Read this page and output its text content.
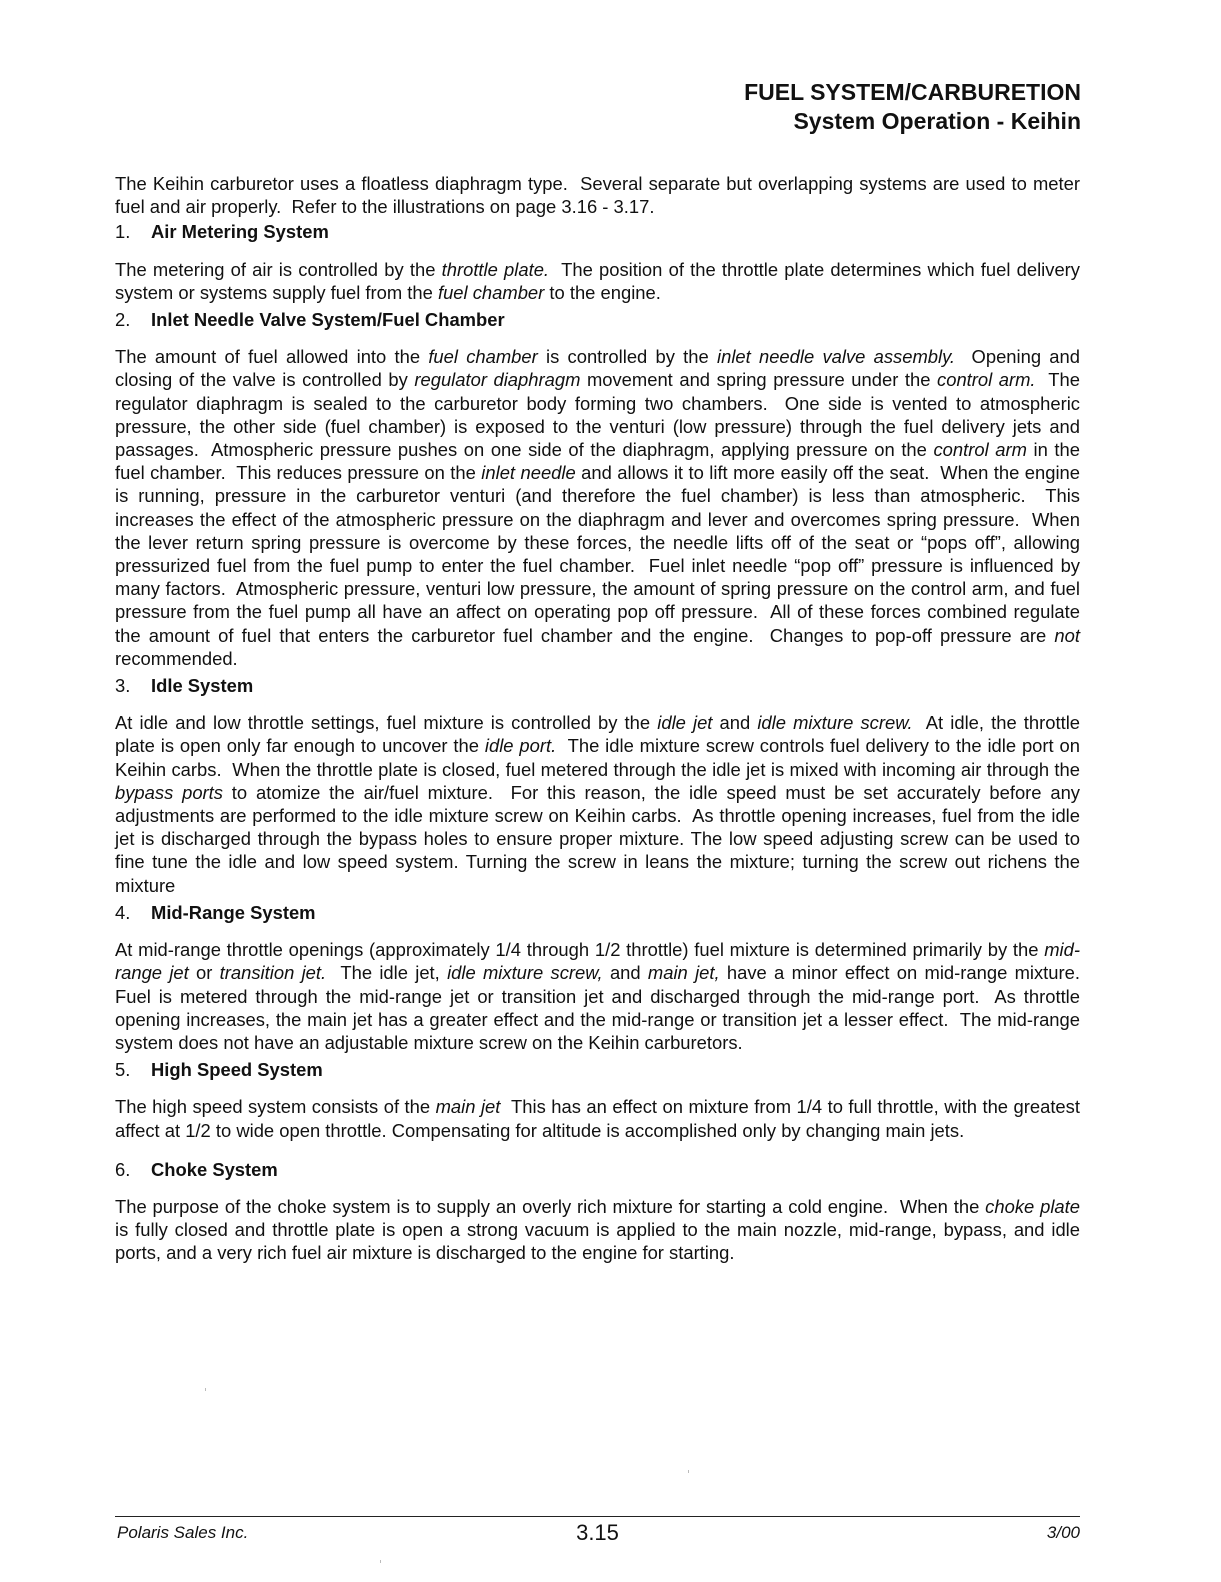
FUEL SYSTEM/CARBURETION
System Operation - Keihin

The Keihin carburetor uses a floatless diaphragm type.  Several separate but overlapping systems are used to meter fuel and air properly.  Refer to the illustrations on page 3.16 - 3.17.

1. Air Metering System

The metering of air is controlled by the throttle plate.  The position of the throttle plate determines which fuel delivery system or systems supply fuel from the fuel chamber to the engine.

2. Inlet Needle Valve System/Fuel Chamber

The amount of fuel allowed into the fuel chamber is controlled by the inlet needle valve assembly.  Opening and closing of the valve is controlled by regulator diaphragm movement and spring pressure under the control arm.  The regulator diaphragm is sealed to the carburetor body forming two chambers.  One side is vented to atmospheric pressure, the other side (fuel chamber) is exposed to the venturi (low pressure) through the fuel delivery jets and passages.  Atmospheric pressure pushes on one side of the diaphragm, applying pressure on the control arm in the fuel chamber.  This reduces pressure on the inlet needle and allows it to lift more easily off the seat.  When the engine is running, pressure in the carburetor venturi (and therefore the fuel chamber) is less than atmospheric.  This increases the effect of the atmospheric pressure on the diaphragm and lever and overcomes spring pressure.  When the lever return spring pressure is overcome by these forces, the needle lifts off of the seat or “pops off”, allowing pressurized fuel from the fuel pump to enter the fuel chamber.  Fuel inlet needle “pop off” pressure is influenced by many factors.  Atmospheric pressure, venturi low pressure, the amount of spring pressure on the control arm, and fuel pressure from the fuel pump all have an affect on operating pop off pressure.  All of these forces combined regulate the amount of fuel that enters the carburetor fuel chamber and the engine.  Changes to pop-off pressure are not recommended.

3. Idle System

At idle and low throttle settings, fuel mixture is controlled by the idle jet and idle mixture screw.  At idle, the throttle plate is open only far enough to uncover the idle port.  The idle mixture screw controls fuel delivery to the idle port on Keihin carbs.  When the throttle plate is closed, fuel metered through the idle jet is mixed with incoming air through the bypass ports to atomize the air/fuel mixture.  For this reason, the idle speed must be set accurately before any adjustments are performed to the idle mixture screw on Keihin carbs.  As throttle opening increases, fuel from the idle jet is discharged through the bypass holes to ensure proper mixture. The low speed adjusting screw can be used to fine tune the idle and low speed system. Turning the screw in leans the mixture; turning the screw out richens the mixture

4. Mid-Range System

At mid-range throttle openings (approximately 1/4 through 1/2 throttle) fuel mixture is determined primarily by the mid-range jet or transition jet.  The idle jet, idle mixture screw, and main jet, have a minor effect on mid-range mixture.  Fuel is metered through the mid-range jet or transition jet and discharged through the mid-range port.  As throttle opening increases, the main jet has a greater effect and the mid-range or transition jet a lesser effect.  The mid-range system does not have an adjustable mixture screw on the Keihin carburetors.

5. High Speed System

The high speed system consists of the main jet  This has an effect on mixture from 1/4 to full throttle, with the greatest affect at 1/2 to wide open throttle. Compensating for altitude is accomplished only by changing main jets.

6. Choke System

The purpose of the choke system is to supply an overly rich mixture for starting a cold engine.  When the choke plate is fully closed and throttle plate is open a strong vacuum is applied to the main nozzle, mid-range, bypass, and idle ports, and a very rich fuel air mixture is discharged to the engine for starting.

Polaris Sales Inc.	3.15	3/00
